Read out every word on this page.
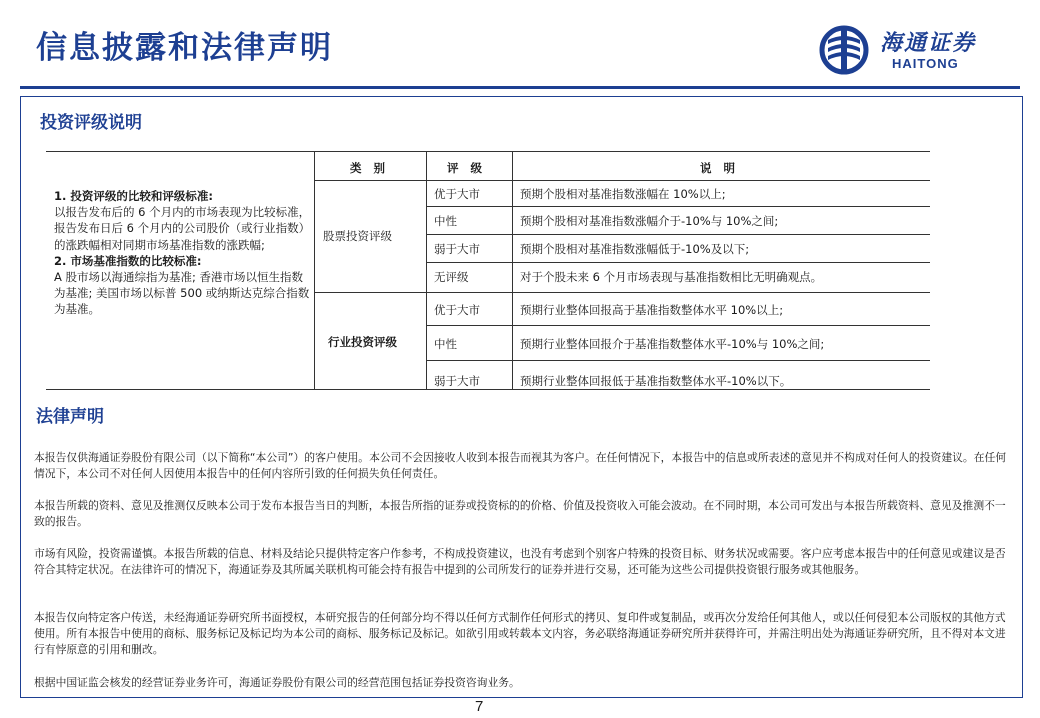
信息披露和法律声明	海通证券
HAITONG
投资评级说明
1. 投资评级的比较和评级标准:
以报告发布后的 6 个月内的市场表现为比较标准，报告发布日后 6 个月内的公司股价（或行业指数）的涨跌幅相对同期市场基准指数的涨跌幅;
2. 市场基准指数的比较标准:
A 股市场以海通综指为基准; 香港市场以恒生指数为基准; 美国市场以标普 500 或纳斯达克综合指数为基准。
类 别	评 级	说 明
股票投资评级
优于大市	预期个股相对基准指数涨幅在 10%以上;
中性	预期个股相对基准指数涨幅介于-10%与 10%之间;
弱于大市	预期个股相对基准指数涨幅低于-10%及以下;
无评级	对于个股未来 6 个月市场表现与基准指数相比无明确观点。
行业投资评级
优于大市	预期行业整体回报高于基准指数整体水平 10%以上;
中性	预期行业整体回报介于基准指数整体水平-10%与 10%之间;
弱于大市	预期行业整体回报低于基准指数整体水平-10%以下。
法律声明
本报告仅供海通证券股份有限公司（以下简称“本公司”）的客户使用。本公司不会因接收人收到本报告而视其为客户。在任何情况下，本报告中的信息或所表述的意见并不构成对任何人的投资建议。在任何情况下，本公司不对任何人因使用本报告中的任何内容所引致的任何损失负任何责任。
本报告所载的资料、意见及推测仅反映本公司于发布本报告当日的判断，本报告所指的证券或投资标的的价格、价值及投资收入可能会波动。在不同时期，本公司可发出与本报告所载资料、意见及推测不一致的报告。
市场有风险，投资需谨慎。本报告所载的信息、材料及结论只提供特定客户作参考，不构成投资建议，也没有考虑到个别客户特殊的投资目标、财务状况或需要。客户应考虑本报告中的任何意见或建议是否符合其特定状况。在法律许可的情况下，海通证券及其所属关联机构可能会持有报告中提到的公司所发行的证券并进行交易，还可能为这些公司提供投资银行服务或其他服务。
本报告仅向特定客户传送，未经海通证券研究所书面授权，本研究报告的任何部分均不得以任何方式制作任何形式的拷贝、复印件或复制品，或再次分发给任何其他人，或以任何侵犯本公司版权的其他方式使用。所有本报告中使用的商标、服务标记及标记均为本公司的商标、服务标记及标记。如欲引用或转载本文内容，务必联络海通证券研究所并获得许可，并需注明出处为海通证券研究所，且不得对本文进行有悖原意的引用和删改。
根据中国证监会核发的经营证券业务许可，海通证券股份有限公司的经营范围包括证券投资咨询业务。
7
